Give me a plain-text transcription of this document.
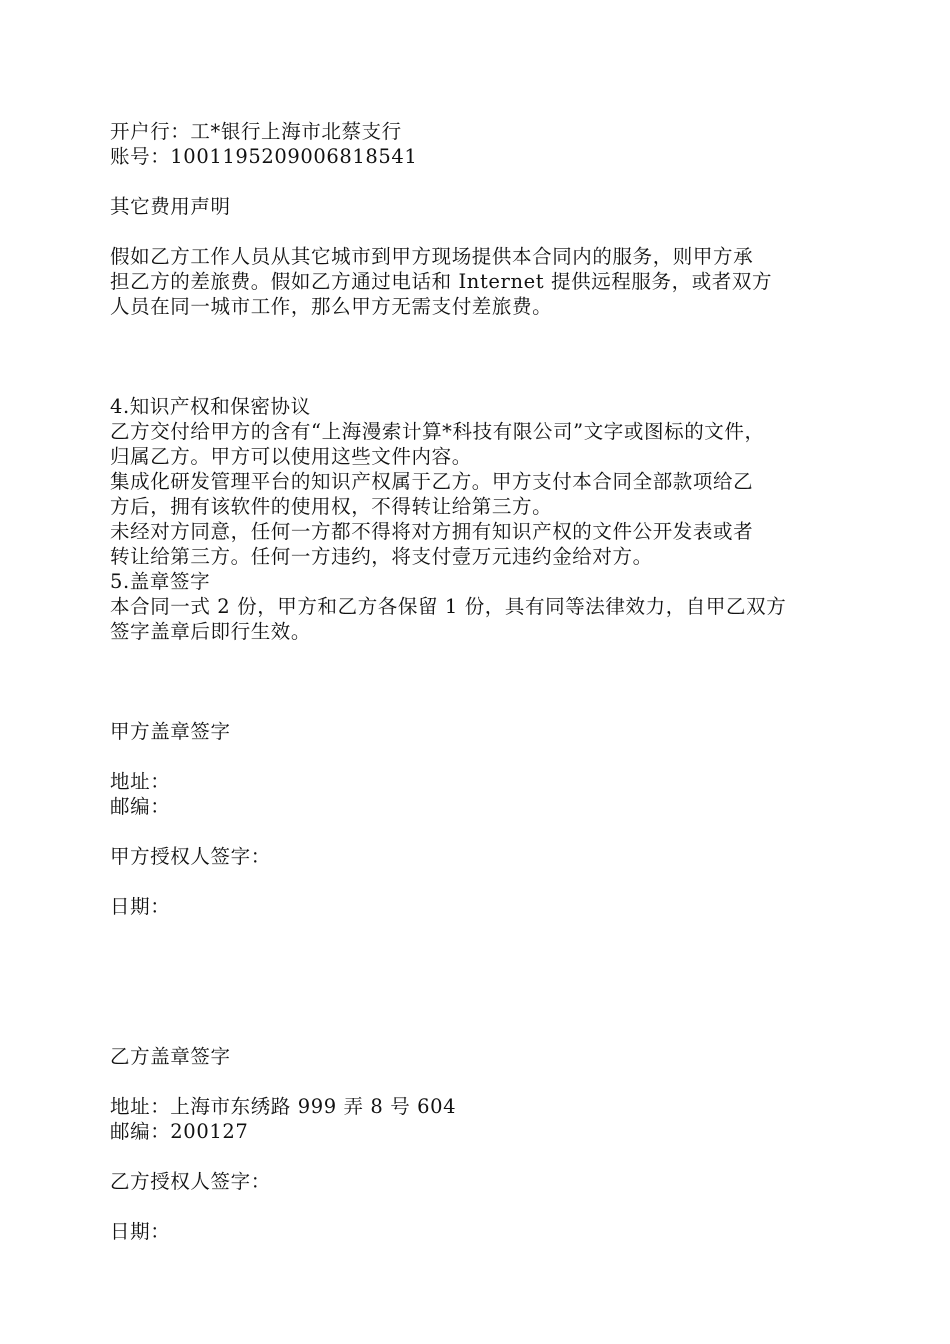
开户行：工*银行上海市北蔡支行
账号：1001195209006818541
其它费用声明
假如乙方工作人员从其它城市到甲方现场提供本合同内的服务，则甲方承
担乙方的差旅费。假如乙方通过电话和 Internet 提供远程服务，或者双方
人员在同一城市工作，那么甲方无需支付差旅费。
4.知识产权和保密协议
乙方交付给甲方的含有“上海漫索计算*科技有限公司”文字或图标的文件，
归属乙方。甲方可以使用这些文件内容。
集成化研发管理平台的知识产权属于乙方。甲方支付本合同全部款项给乙
方后，拥有该软件的使用权，不得转让给第三方。
未经对方同意，任何一方都不得将对方拥有知识产权的文件公开发表或者
转让给第三方。任何一方违约，将支付壹万元违约金给对方。
5.盖章签字
本合同一式 2 份，甲方和乙方各保留 1 份，具有同等法律效力，自甲乙双方
签字盖章后即行生效。
甲方盖章签字
地址：
邮编：
甲方授权人签字：
日期：
乙方盖章签字
地址：上海市东绣路 999 弄 8 号 604
邮编：200127
乙方授权人签字：
日期：
